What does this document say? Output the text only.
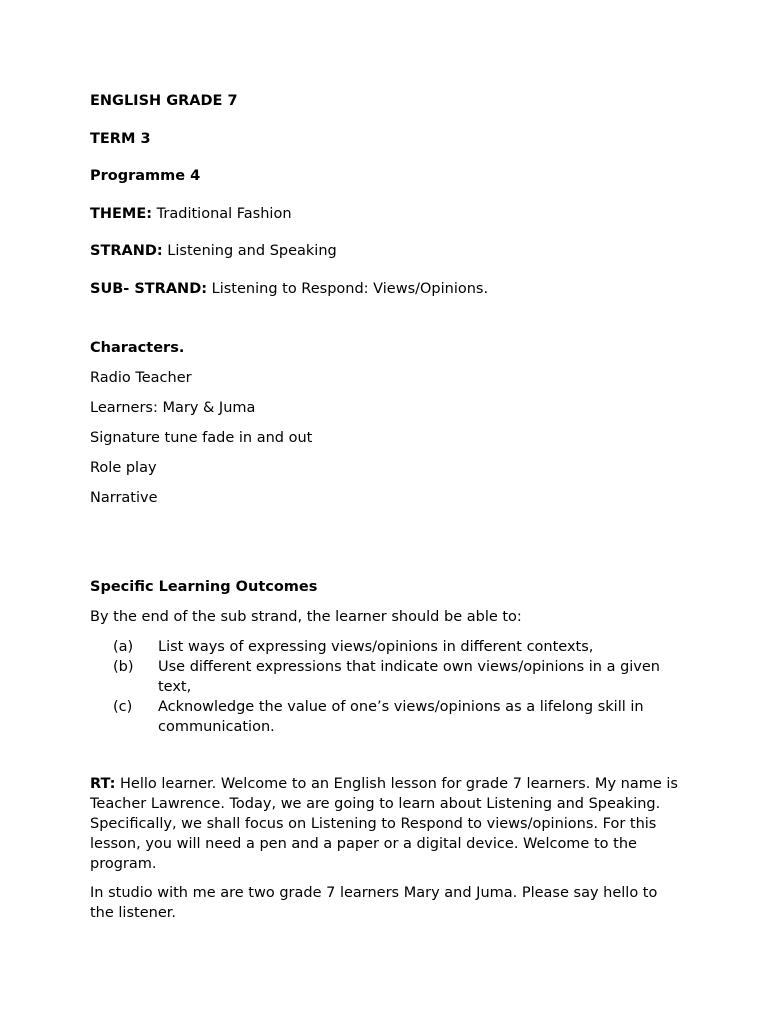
ENGLISH GRADE 7
TERM 3
Programme 4
THEME: Traditional Fashion
STRAND: Listening and Speaking
SUB- STRAND: Listening to Respond: Views/Opinions.
Characters.
Radio Teacher
Learners: Mary & Juma
Signature tune fade in and out
Role play
Narrative
Specific Learning Outcomes
By the end of the sub strand, the learner should be able to:
(a)	List ways of expressing views/opinions in different contexts,
(b)	Use different expressions that indicate own views/opinions in a given text,
(c)	Acknowledge the value of one’s views/opinions as a lifelong skill in communication.
RT: Hello learner. Welcome to an English lesson for grade 7 learners. My name is Teacher Lawrence. Today, we are going to learn about Listening and Speaking. Specifically, we shall focus on Listening to Respond to views/opinions. For this lesson, you will need a pen and a paper or a digital device. Welcome to the program.
In studio with me are two grade 7 learners Mary and Juma. Please say hello to the listener.
